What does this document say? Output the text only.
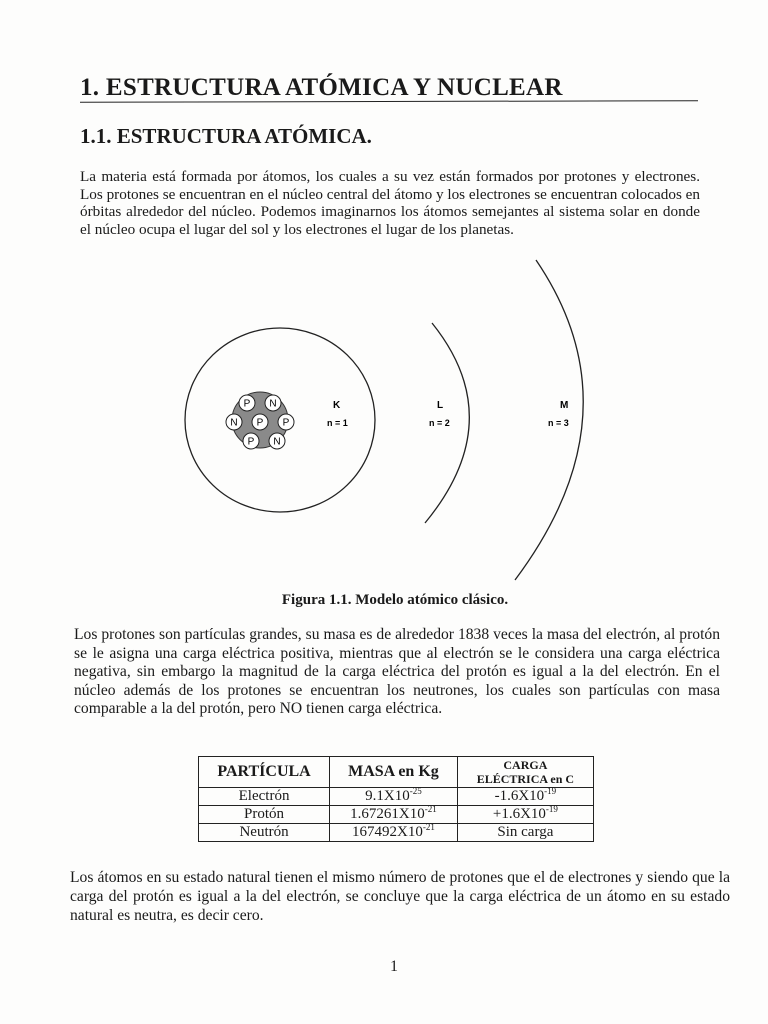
1. ESTRUCTURA ATÓMICA Y NUCLEAR
1.1. ESTRUCTURA ATÓMICA.

La materia está formada por átomos, los cuales a su vez están formados por protones y electrones. Los protones se encuentran en el núcleo central del átomo y los electrones se encuentran colocados en órbitas alrededor del núcleo. Podemos imaginarnos los átomos semejantes al sistema solar en donde el núcleo ocupa el lugar del sol y los electrones el lugar de los planetas.

P N
N P P
P N
K
n = 1
L
n = 2
M
n = 3

Figura 1.1. Modelo atómico clásico.

Los protones son partículas grandes, su masa es de alrededor 1838 veces la masa del electrón, al protón se le asigna una carga eléctrica positiva, mientras que al electrón se le considera una carga eléctrica negativa, sin embargo la magnitud de la carga eléctrica del protón es igual a la del electrón. En el núcleo además de los protones se encuentran los neutrones, los cuales son partículas con masa comparable a la del protón, pero NO tienen carga eléctrica.

PARTÍCULA	MASA en Kg	CARGA
ELÉCTRICA en C
Electrón	$9.1X10^{-25}$	$-1.6X10^{-19}$
Protón	$1.67261X10^{-21}$	$+1.6X10^{-19}$
Neutrón	$167492X10^{-21}$	Sin carga

Los átomos en su estado natural tienen el mismo número de protones que el de electrones y siendo que la carga del protón es igual a la del electrón, se concluye que la carga eléctrica de un átomo en su estado natural es neutra, es decir cero.

1
